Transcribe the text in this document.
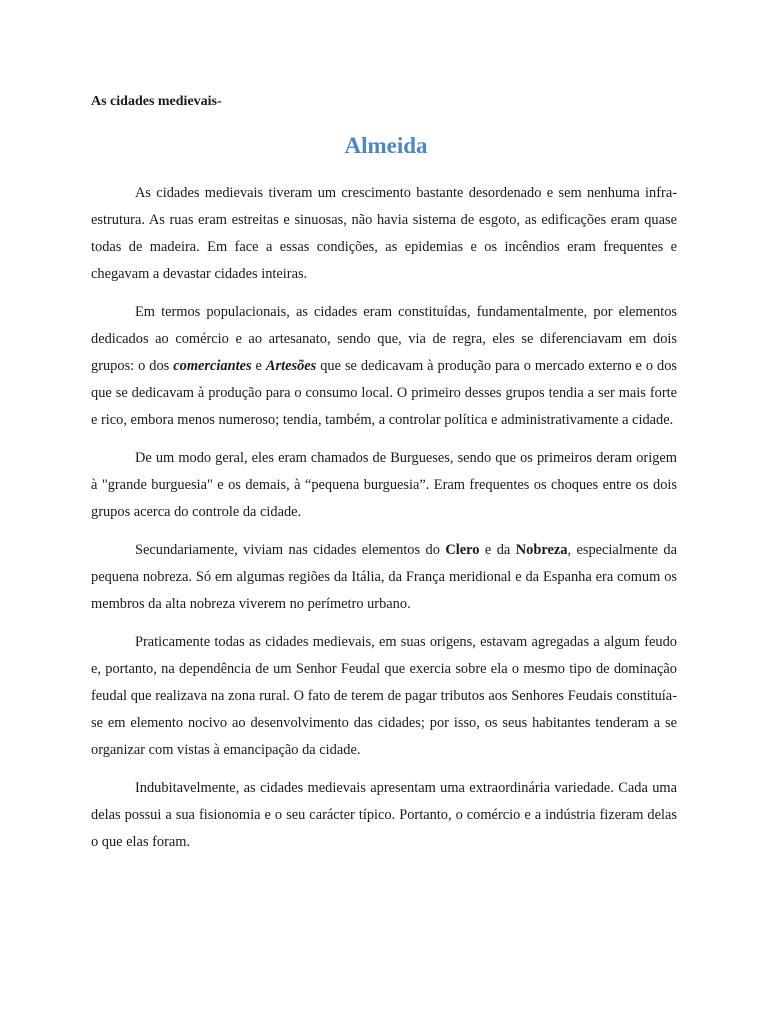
As cidades medievais-
Almeida

As cidades medievais tiveram um crescimento bastante desordenado e sem nenhuma infra-estrutura. As ruas eram estreitas e sinuosas, não havia sistema de esgoto, as edificações eram quase todas de madeira. Em face a essas condições, as epidemias e os incêndios eram frequentes e chegavam a devastar cidades inteiras.

Em termos populacionais, as cidades eram constituídas, fundamentalmente, por elementos dedicados ao comércio e ao artesanato, sendo que, via de regra, eles se diferenciavam em dois grupos: o dos comerciantes e Artesões que se dedicavam à produção para o mercado externo e o dos que se dedicavam à produção para o consumo local. O primeiro desses grupos tendia a ser mais forte e rico, embora menos numeroso; tendia, também, a controlar política e administrativamente a cidade.

De um modo geral, eles eram chamados de Burgueses, sendo que os primeiros deram origem à "grande burguesia" e os demais, à “pequena burguesia”. Eram frequentes os choques entre os dois grupos acerca do controle da cidade.

Secundariamente, viviam nas cidades elementos do Clero e da Nobreza, especialmente da pequena nobreza. Só em algumas regiões da Itália, da França meridional e da Espanha era comum os membros da alta nobreza viverem no perímetro urbano.

Praticamente todas as cidades medievais, em suas origens, estavam agregadas a algum feudo e, portanto, na dependência de um Senhor Feudal que exercia sobre ela o mesmo tipo de dominação feudal que realizava na zona rural. O fato de terem de pagar tributos aos Senhores Feudais constituía-se em elemento nocivo ao desenvolvimento das cidades; por isso, os seus habitantes tenderam a se organizar com vistas à emancipação da cidade.

Indubitavelmente, as cidades medievais apresentam uma extraordinária variedade. Cada uma delas possui a sua fisionomia e o seu carácter típico. Portanto, o comércio e a indústria fizeram delas o que elas foram.
